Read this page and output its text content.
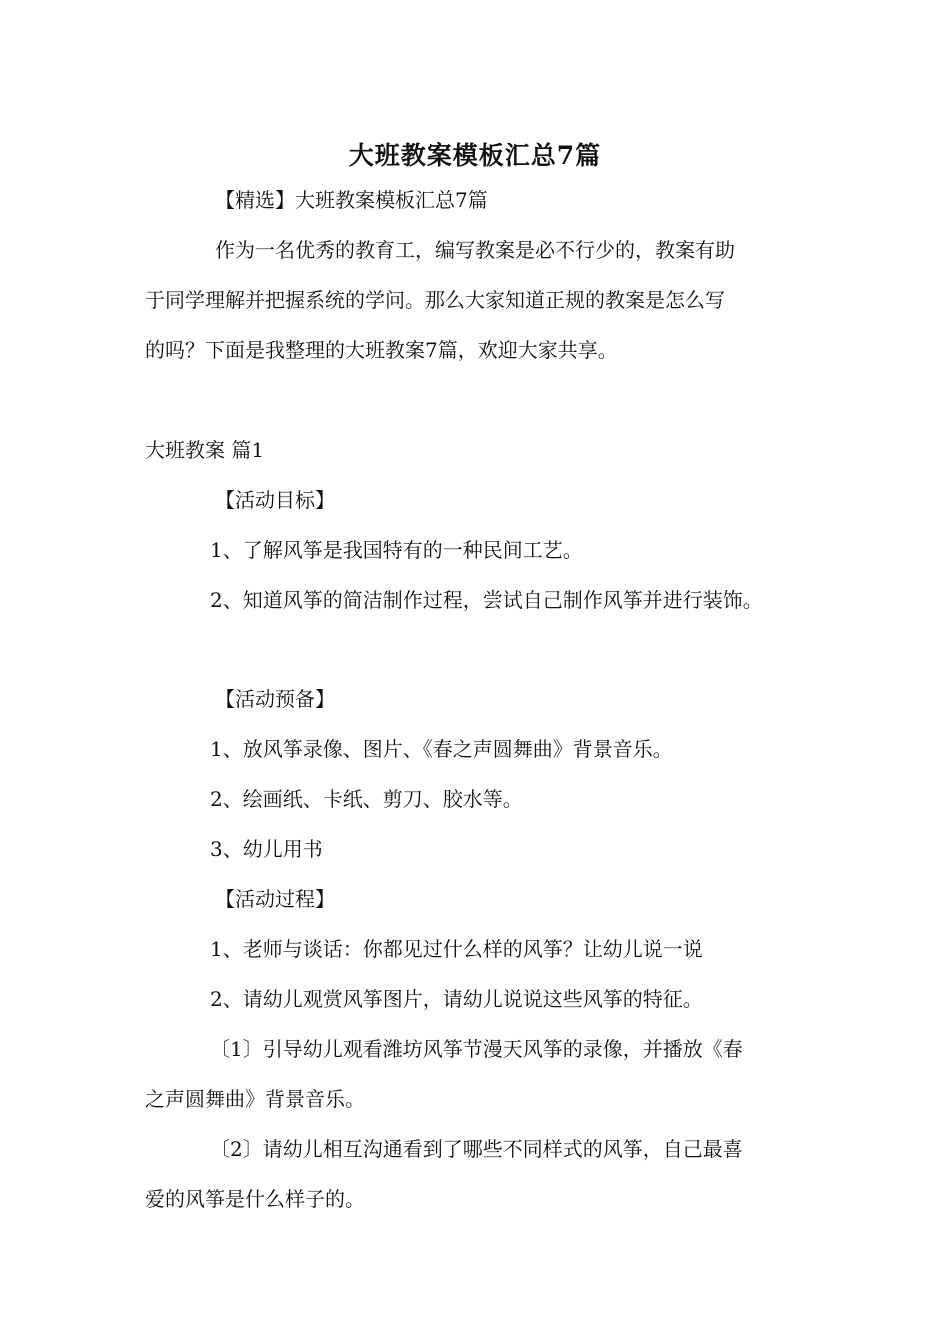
大班教案模板汇总7篇
【精选】大班教案模板汇总7篇
作为一名优秀的教育工，编写教案是必不行少的，教案有助
于同学理解并把握系统的学问。那么大家知道正规的教案是怎么写
的吗？下面是我整理的大班教案7篇，欢迎大家共享。
大班教案 篇1
【活动目标】
1、了解风筝是我国特有的一种民间工艺。
2、知道风筝的简洁制作过程，尝试自己制作风筝并进行装饰。
【活动预备】
1、放风筝录像、图片、《春之声圆舞曲》背景音乐。
2、绘画纸、卡纸、剪刀、胶水等。
3、幼儿用书
【活动过程】
1、老师与谈话：你都见过什么样的风筝？让幼儿说一说
2、请幼儿观赏风筝图片，请幼儿说说这些风筝的特征。
〔1〕引导幼儿观看潍坊风筝节漫天风筝的录像，并播放《春
之声圆舞曲》背景音乐。
〔2〕请幼儿相互沟通看到了哪些不同样式的风筝，自己最喜
爱的风筝是什么样子的。
